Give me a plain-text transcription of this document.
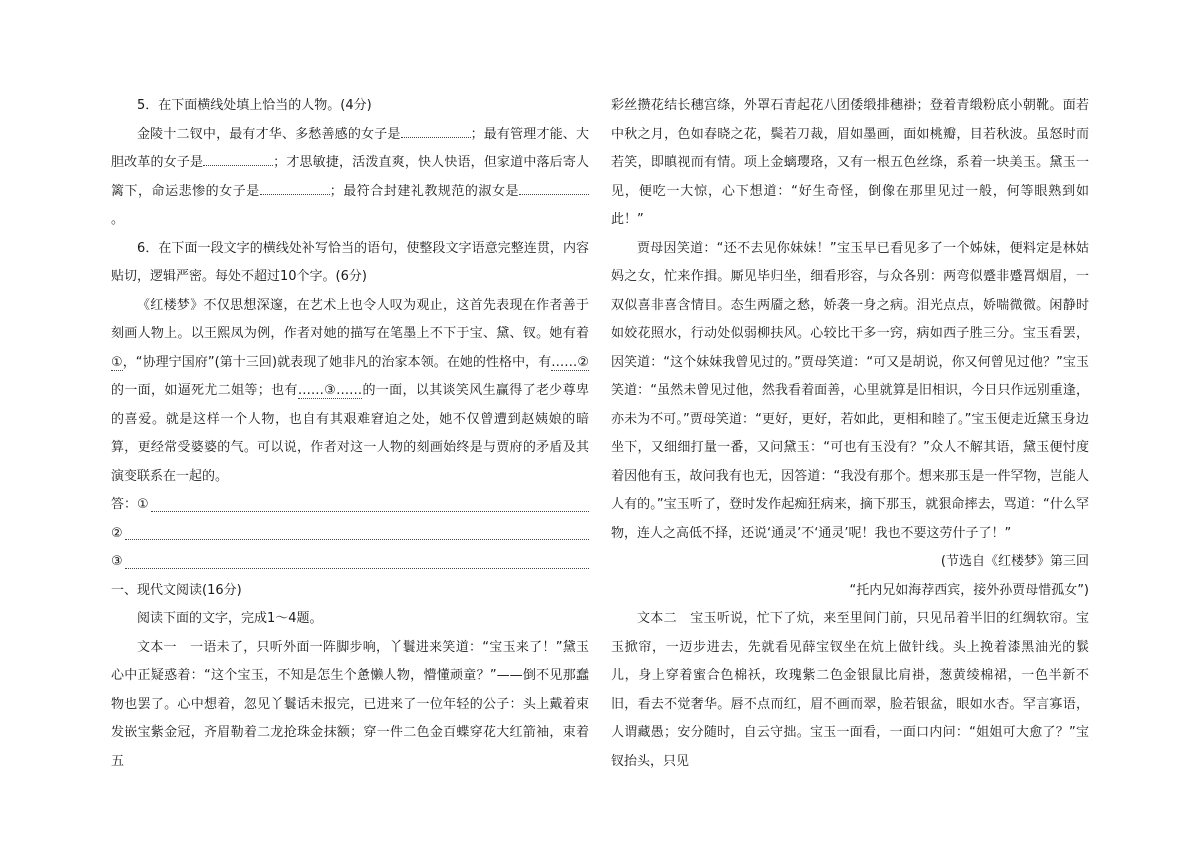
5．在下面横线处填上恰当的人物。(4分)

金陵十二钗中，最有才华、多愁善感的女子是	；最有管理才能、大胆改革的女子是	；才思敏捷，活泼直爽，快人快语，但家道中落后寄人篱下，命运悲惨的女子是	；最符合封建礼教规范的淑女是。

6．在下面一段文字的横线处补写恰当的语句，使整段文字语意完整连贯，内容贴切，逻辑严密。每处不超过10个字。(6分)

《红楼梦》不仅思想深邃，在艺术上也令人叹为观止，这首先表现在作者善于刻画人物上。以王熙凤为例，作者对她的描写在笔墨上不下于宝、黛、钗。她有着①，“协理宁国府”(第十三回)就表现了她非凡的治家本领。在她的性格中，有……②的一面，如逼死尤二姐等；也有……③……的一面，以其谈笑风生赢得了老少尊卑的喜爱。就是这样一个人物，也自有其艰难窘迫之处，她不仅曾遭到赵姨娘的暗算，更经常受婆婆的气。可以说，作者对这一人物的刻画始终是与贾府的矛盾及其演变联系在一起的。

答：①
②
③

一、现代文阅读(16分)

阅读下面的文字，完成1～4题。

文本一　一语未了，只听外面一阵脚步响，丫鬟进来笑道：“宝玉来了！”黛玉心中正疑惑着：“这个宝玉，不知是怎生个惫懒人物，懵懂顽童？”——倒不见那蠢物也罢了。心中想着，忽见丫鬟话未报完，已进来了一位年轻的公子：头上戴着束发嵌宝紫金冠，齐眉勒着二龙抢珠金抹额；穿一件二色金百蝶穿花大红箭袖，束着五

彩丝攒花结长穗宫绦，外罩石青起花八团倭缎排穗褂；登着青缎粉底小朝靴。面若中秋之月，色如春晓之花，鬓若刀裁，眉如墨画，面如桃瓣，目若秋波。虽怒时而若笑，即瞋视而有情。项上金螭璎珞，又有一根五色丝绦，系着一块美玉。黛玉一见，便吃一大惊，心下想道：“好生奇怪，倒像在那里见过一般，何等眼熟到如此！”

贾母因笑道：“还不去见你妹妹！”宝玉早已看见多了一个姊妹，便料定是林姑妈之女，忙来作揖。厮见毕归坐，细看形容，与众各别：两弯似蹙非蹙罥烟眉，一双似喜非喜含情目。态生两靥之愁，娇袭一身之病。泪光点点，娇喘微微。闲静时如姣花照水，行动处似弱柳扶风。心较比干多一窍，病如西子胜三分。宝玉看罢，因笑道：“这个妹妹我曾见过的。”贾母笑道：“可又是胡说，你又何曾见过他？”宝玉笑道：“虽然未曾见过他，然我看着面善，心里就算是旧相识，今日只作远别重逢，亦未为不可。”贾母笑道：“更好，更好，若如此，更相和睦了。”宝玉便走近黛玉身边坐下，又细细打量一番，又问黛玉：“可也有玉没有？”众人不解其语，黛玉便忖度着因他有玉，故问我有也无，因答道：“我没有那个。想来那玉是一件罕物，岂能人人有的。”宝玉听了，登时发作起痴狂病来，摘下那玉，就狠命摔去，骂道：“什么罕物，连人之高低不择，还说‘通灵’不‘通灵’呢！我也不要这劳什子了！”

(节选自《红楼梦》第三回

“托内兄如海荐西宾，接外孙贾母惜孤女”)

文本二　宝玉听说，忙下了炕，来至里间门前，只见吊着半旧的红绸软帘。宝玉掀帘，一迈步进去，先就看见薛宝钗坐在炕上做针线。头上挽着漆黑油光的䯼儿，身上穿着蜜合色棉袄，玫瑰紫二色金银鼠比肩褂，葱黄绫棉裙，一色半新不旧，看去不觉奢华。唇不点而红，眉不画而翠，脸若银盆，眼如水杏。罕言寡语，人谓藏愚；安分随时，自云守拙。宝玉一面看，一面口内问：“姐姐可大愈了？”宝钗抬头，只见
